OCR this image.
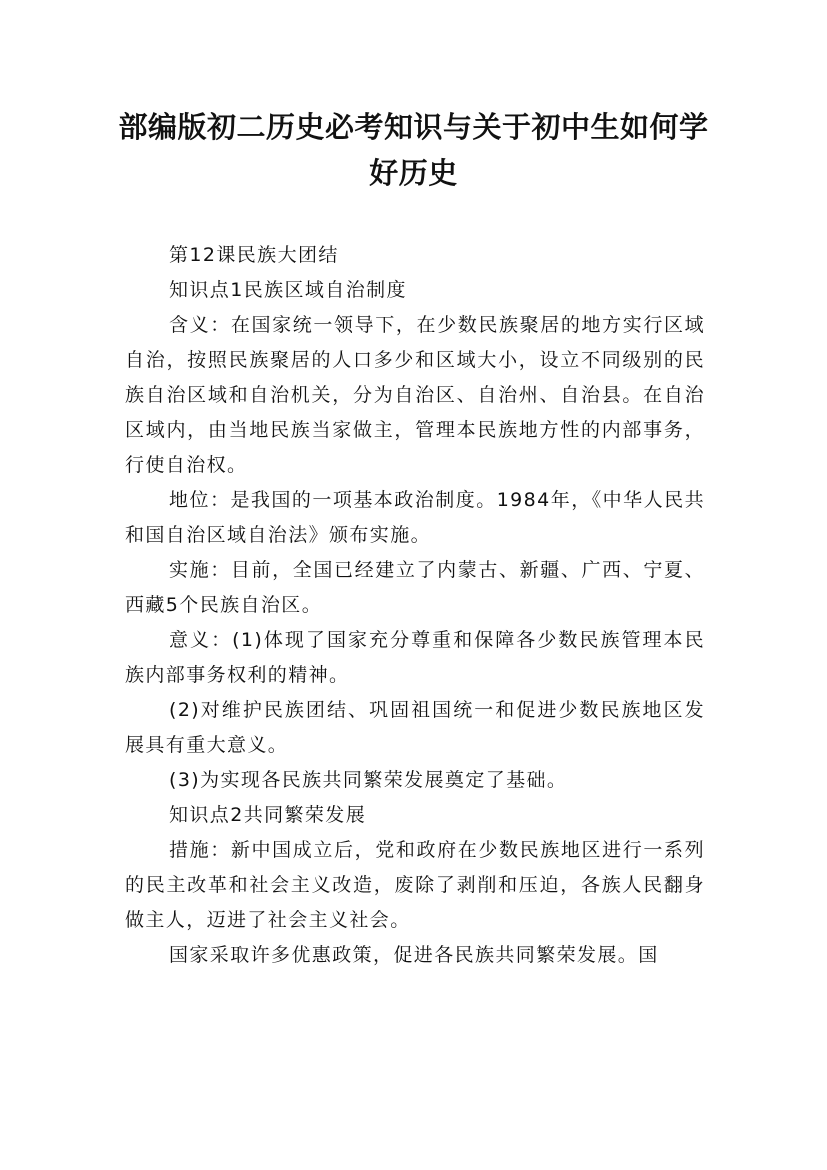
部编版初二历史必考知识与关于初中生如何学好历史

第12课民族大团结

知识点1民族区域自治制度

含义：在国家统一领导下，在少数民族聚居的地方实行区域自治，按照民族聚居的人口多少和区域大小，设立不同级别的民族自治区域和自治机关，分为自治区、自治州、自治县。在自治区域内，由当地民族当家做主，管理本民族地方性的内部事务， 行使自治权。

地位：是我国的一项基本政治制度。1984年，《中华人民共和国自治区域自治法》颁布实施。

实施：目前，全国已经建立了内蒙古、新疆、广西、宁夏、西藏5个民族自治区。

意义：(1)体现了国家充分尊重和保障各少数民族管理本民族内部事务权利的精神。

(2)对维护民族团结、巩固祖国统一和促进少数民族地区发展具有重大意义。

(3)为实现各民族共同繁荣发展奠定了基础。

知识点2共同繁荣发展

措施：新中国成立后，党和政府在少数民族地区进行一系列的民主改革和社会主义改造，废除了剥削和压迫，各族人民翻身做主人，迈进了社会主义社会。

国家采取许多优惠政策，促进各民族共同繁荣发展。国
